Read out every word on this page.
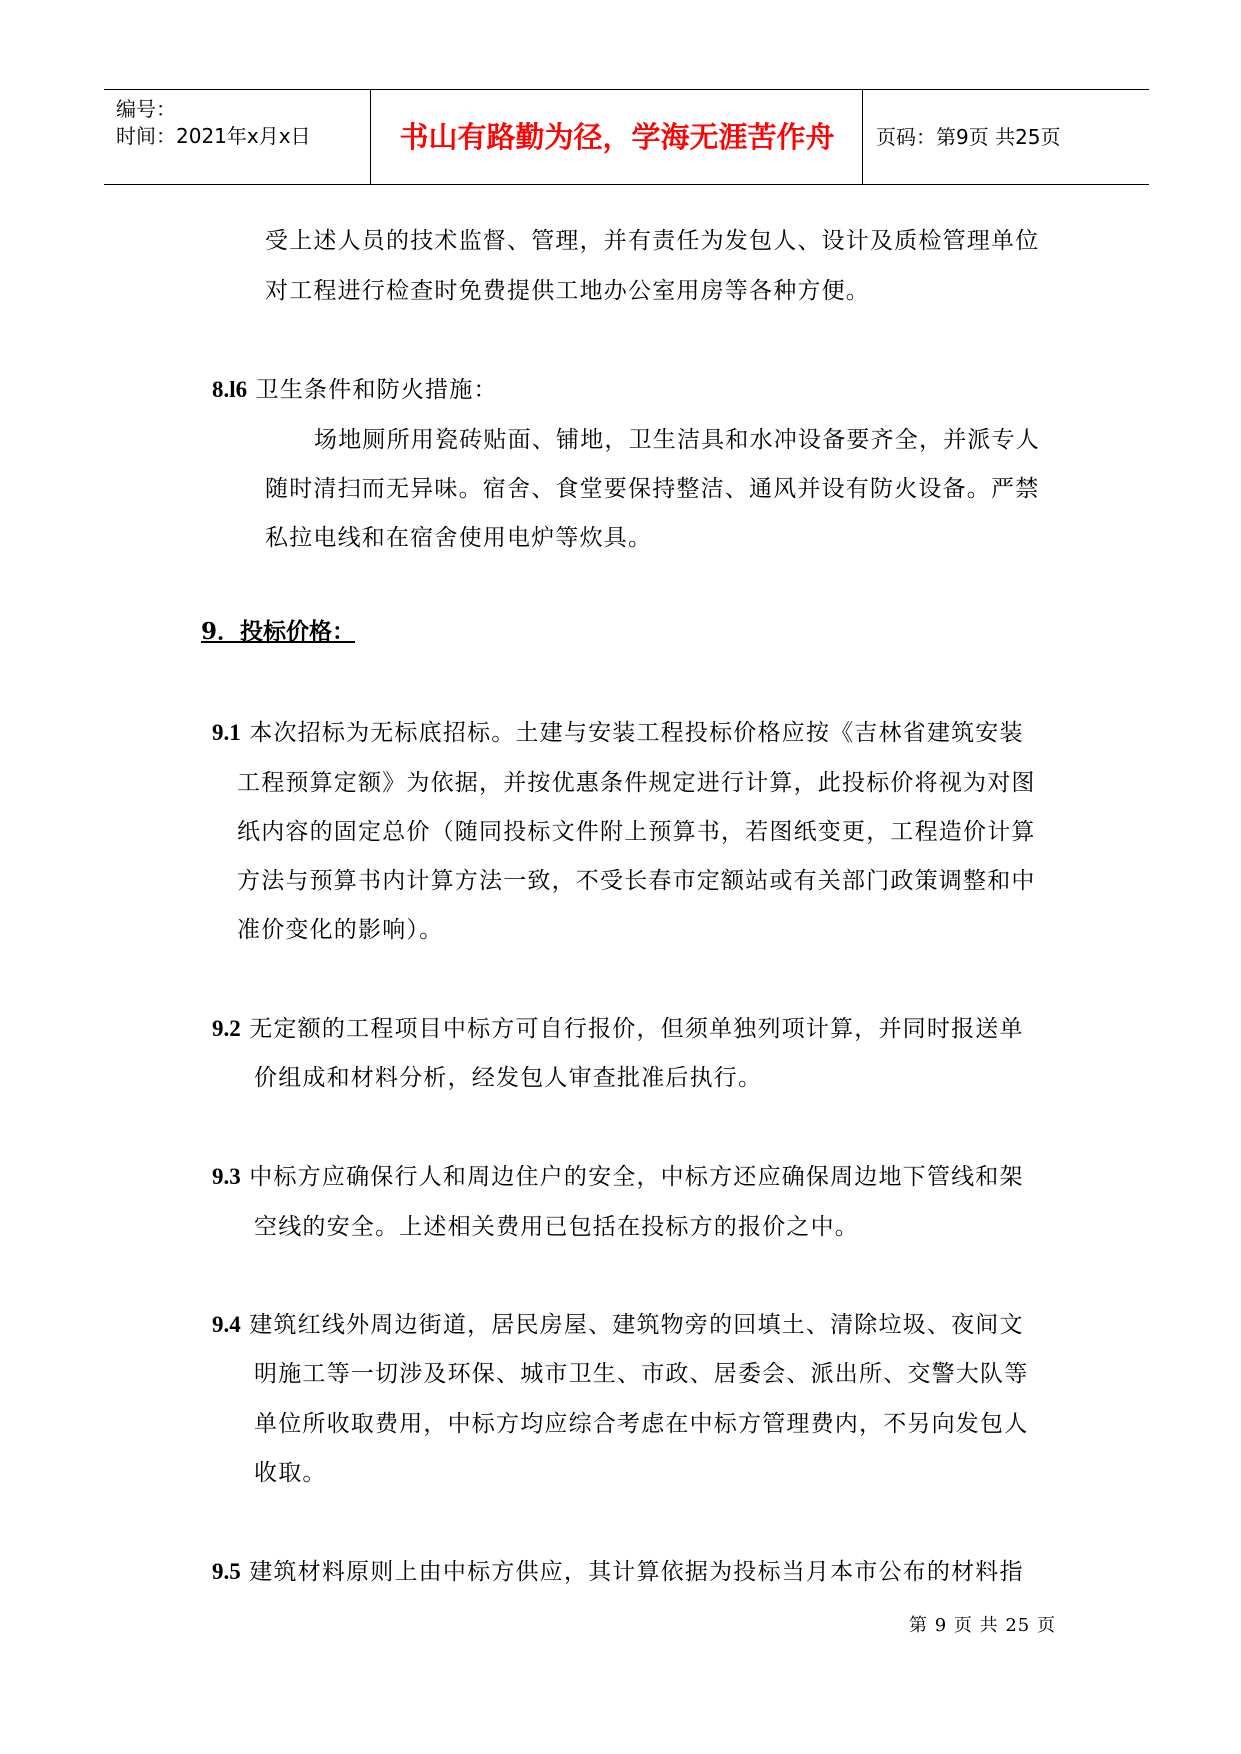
编号：
时间：2021年x月x日	书山有路勤为径，学海无涯苦作舟	页码：第9页 共25页
受上述人员的技术监督、管理，并有责任为发包人、设计及质检管理单位
对工程进行检查时免费提供工地办公室用房等各种方便。
8.l6 卫生条件和防火措施：
场地厕所用瓷砖贴面、铺地，卫生洁具和水冲设备要齐全，并派专人
随时清扫而无异味。宿舍、食堂要保持整洁、通风并设有防火设备。严禁
私拉电线和在宿舍使用电炉等炊具。
9．投标价格：
9.1 本次招标为无标底招标。土建与安装工程投标价格应按《吉林省建筑安装
工程预算定额》为依据，并按优惠条件规定进行计算，此投标价将视为对图
纸内容的固定总价（随同投标文件附上预算书，若图纸变更，工程造价计算
方法与预算书内计算方法一致，不受长春市定额站或有关部门政策调整和中
准价变化的影响）。
9.2 无定额的工程项目中标方可自行报价，但须单独列项计算，并同时报送单
价组成和材料分析，经发包人审查批准后执行。
9.3 中标方应确保行人和周边住户的安全，中标方还应确保周边地下管线和架
空线的安全。上述相关费用已包括在投标方的报价之中。
9.4 建筑红线外周边街道，居民房屋、建筑物旁的回填土、清除垃圾、夜间文
明施工等一切涉及环保、城市卫生、市政、居委会、派出所、交警大队等
单位所收取费用，中标方均应综合考虑在中标方管理费内，不另向发包人
收取。
9.5 建筑材料原则上由中标方供应，其计算依据为投标当月本市公布的材料指
第 9 页 共 25 页
